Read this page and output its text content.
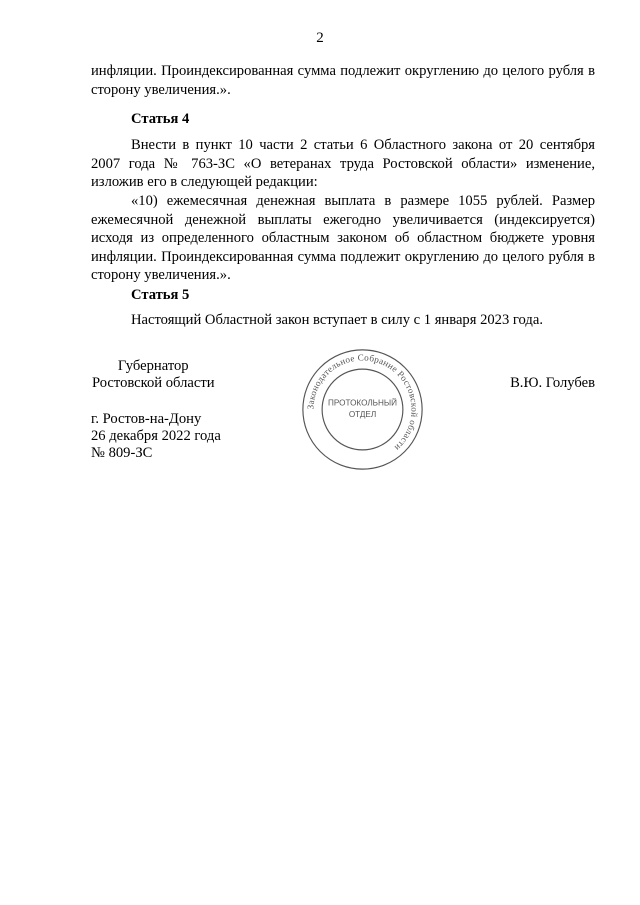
2
инфляции. Проиндексированная сумма подлежит округлению до целого рубля в сторону увеличения.».
Статья 4
Внести в пункт 10 части 2 статьи 6 Областного закона от 20 сентября 2007 года № 763-ЗС «О ветеранах труда Ростовской области» изменение, изложив его в следующей редакции:
«10) ежемесячная денежная выплата в размере 1055 рублей. Размер ежемесячной денежной выплаты ежегодно увеличивается (индексируется) исходя из определенного областным законом об областном бюджете уровня инфляции. Проиндексированная сумма подлежит округлению до целого рубля в сторону увеличения.».
Статья 5
Настоящий Областной закон вступает в силу с 1 января 2023 года.
Губернатор
Ростовской области	В.Ю. Голубев
г. Ростов-на-Дону
26 декабря 2022 года
№ 809-ЗС
Законодательное Собрание Ростовской области
ПРОТОКОЛЬНЫЙ
ОТДЕЛ
